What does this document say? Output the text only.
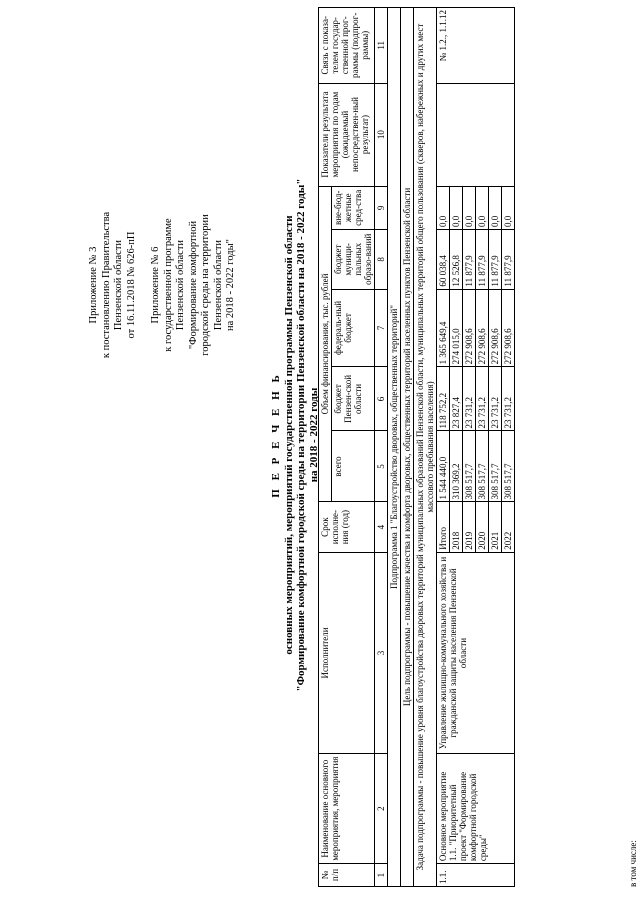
Приложение № 3 к постановлению Правительства Пензенской области от 16.11.2018 № 626-пП Приложение № 6 к государственной программе Пензенской области "Формирование комфортной городской среды на территории Пензенской области на 2018 - 2022 годы"

П Е Р Е Ч Е Н Ь основных мероприятий, мероприятий государственной программы Пензенской области "Формирование комфортной городской среды на территории Пензенской области на 2018 - 2022 годы" на 2018 - 2022 годы

№ п/п	Наименование основного мероприятия, мероприятия	Исполнители	Срок исполне-ния (год)	Объем финансирования, тыс. рублей					Показатели результата мероприятия по годам (ожидаемый непосредствен-ный результат)	Связь с показа-телем государ-ственной прог-раммы (подпрог-раммы)
				всего	бюджет Пензен-ской области	федераль-ный бюджет	бюджет муници-пальных образо-ваний	вне-бюд-жетные сред-ства		
1	2	3	4	5	6	7	8	9	10	11
Подпрограмма 1 "Благоустройство дворовых, общественных территорий"										
Цель подпрограммы - повышение качества и комфорта дворовых, общественных территорий населенных пунктов Пензенской области										
Задача подпрограммы - повышение уровня благоустройства дворовых территорий муниципальных образований Пензенской области, муниципальных территорий общего пользования (скверов, набережных и других мест массового пребывания населения)										
1.1.	Основное мероприятие 1.1. "Приоритетный проект "Формирование комфортной городской среды"	Управление жилищно-коммунального хозяйства и гражданской защиты населения Пензенской области	Итого	1 544 440,0	118 752,2	1 365 649,4	60 038,4	0,0		№ 1.2., 1.1.12
			2018	310 369,2	23 827,4	274 015,0	12 526,8	0,0		
			2019	308 517,7	23 731,2	272 908,6	11 877,9	0,0		
			2020	308 517,7	23 731,2	272 908,6	11 877,9	0,0		
			2021	308 517,7	23 731,2	272 908,6	11 877,9	0,0		
			2022	308 517,7	23 731,2	272 908,6	11 877,9	0,0		
в том числе:
